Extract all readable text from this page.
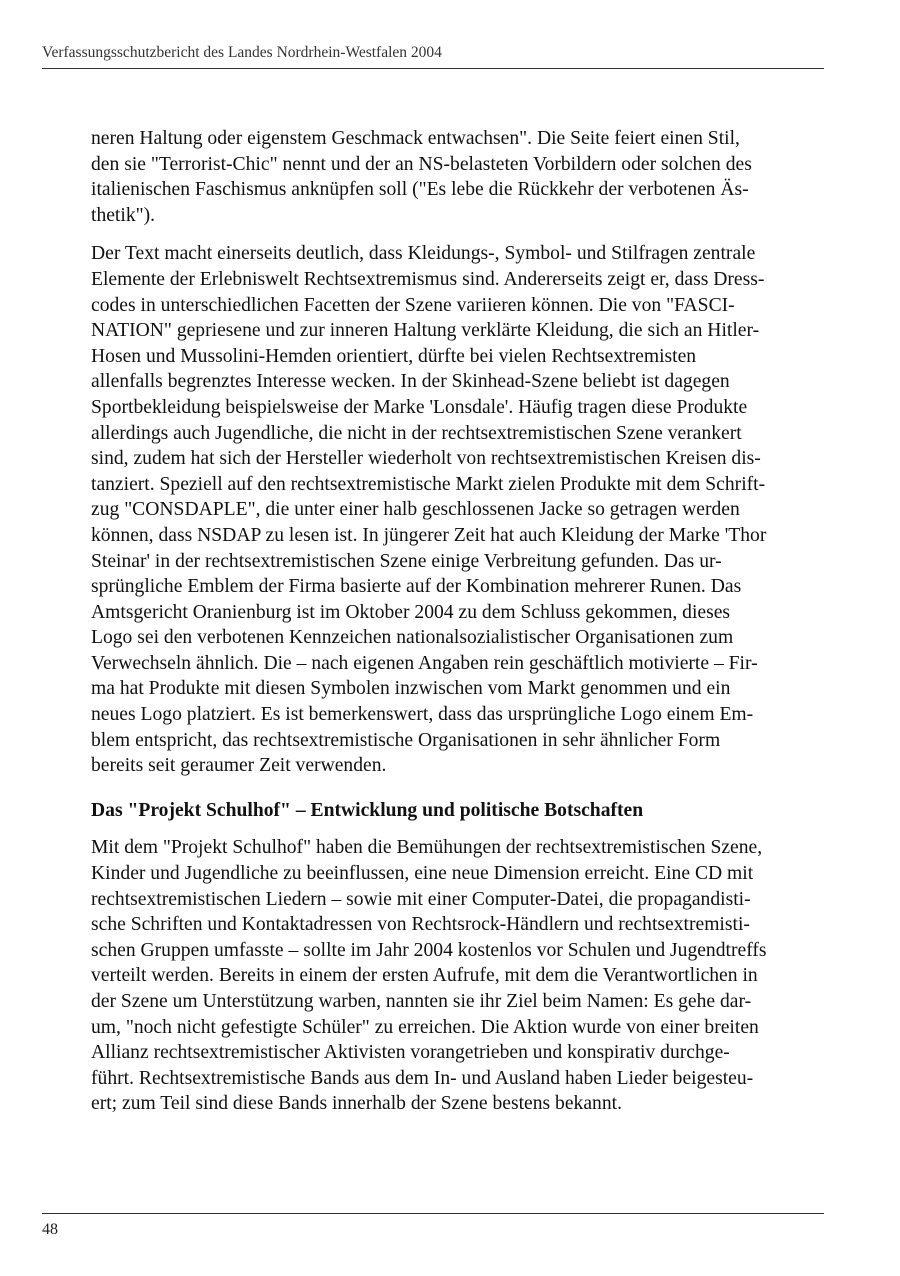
Verfassungsschutzbericht des Landes Nordrhein-Westfalen 2004

neren Haltung oder eigenstem Geschmack entwachsen". Die Seite feiert einen Stil,
den sie "Terrorist-Chic" nennt und der an NS-belasteten Vorbildern oder solchen des
italienischen Faschismus anknüpfen soll ("Es lebe die Rückkehr der verbotenen Äs-
thetik").

Der Text macht einerseits deutlich, dass Kleidungs-, Symbol- und Stilfragen zentrale
Elemente der Erlebniswelt Rechtsextremismus sind. Andererseits zeigt er, dass Dress-
codes in unterschiedlichen Facetten der Szene variieren können. Die von "FASCI-
NATION" gepriesene und zur inneren Haltung verklärte Kleidung, die sich an Hitler-
Hosen und Mussolini-Hemden orientiert, dürfte bei vielen Rechtsextremisten
allenfalls begrenztes Interesse wecken. In der Skinhead-Szene beliebt ist dagegen
Sportbekleidung beispielsweise der Marke 'Lonsdale'. Häufig tragen diese Produkte
allerdings auch Jugendliche, die nicht in der rechtsextremistischen Szene verankert
sind, zudem hat sich der Hersteller wiederholt von rechtsextremistischen Kreisen dis-
tanziert. Speziell auf den rechtsextremistische Markt zielen Produkte mit dem Schrift-
zug "CONSDAPLE", die unter einer halb geschlossenen Jacke so getragen werden
können, dass NSDAP zu lesen ist. In jüngerer Zeit hat auch Kleidung der Marke 'Thor
Steinar' in der rechtsextremistischen Szene einige Verbreitung gefunden. Das ur-
sprüngliche Emblem der Firma basierte auf der Kombination mehrerer Runen. Das
Amtsgericht Oranienburg ist im Oktober 2004 zu dem Schluss gekommen, dieses
Logo sei den verbotenen Kennzeichen nationalsozialistischer Organisationen zum
Verwechseln ähnlich. Die – nach eigenen Angaben rein geschäftlich motivierte – Fir-
ma hat Produkte mit diesen Symbolen inzwischen vom Markt genommen und ein
neues Logo platziert. Es ist bemerkenswert, dass das ursprüngliche Logo einem Em-
blem entspricht, das rechtsextremistische Organisationen in sehr ähnlicher Form
bereits seit geraumer Zeit verwenden.

Das "Projekt Schulhof" – Entwicklung und politische Botschaften

Mit dem "Projekt Schulhof" haben die Bemühungen der rechtsextremistischen Szene,
Kinder und Jugendliche zu beeinflussen, eine neue Dimension erreicht. Eine CD mit
rechtsextremistischen Liedern – sowie mit einer Computer-Datei, die propagandisti-
sche Schriften und Kontaktadressen von Rechtsrock-Händlern und rechtsextremisti-
schen Gruppen umfasste – sollte im Jahr 2004 kostenlos vor Schulen und Jugendtreffs
verteilt werden. Bereits in einem der ersten Aufrufe, mit dem die Verantwortlichen in
der Szene um Unterstützung warben, nannten sie ihr Ziel beim Namen: Es gehe dar-
um, "noch nicht gefestigte Schüler" zu erreichen. Die Aktion wurde von einer breiten
Allianz rechtsextremistischer Aktivisten vorangetrieben und konspirativ durchge-
führt. Rechtsextremistische Bands aus dem In- und Ausland haben Lieder beigesteu-
ert; zum Teil sind diese Bands innerhalb der Szene bestens bekannt.

48
